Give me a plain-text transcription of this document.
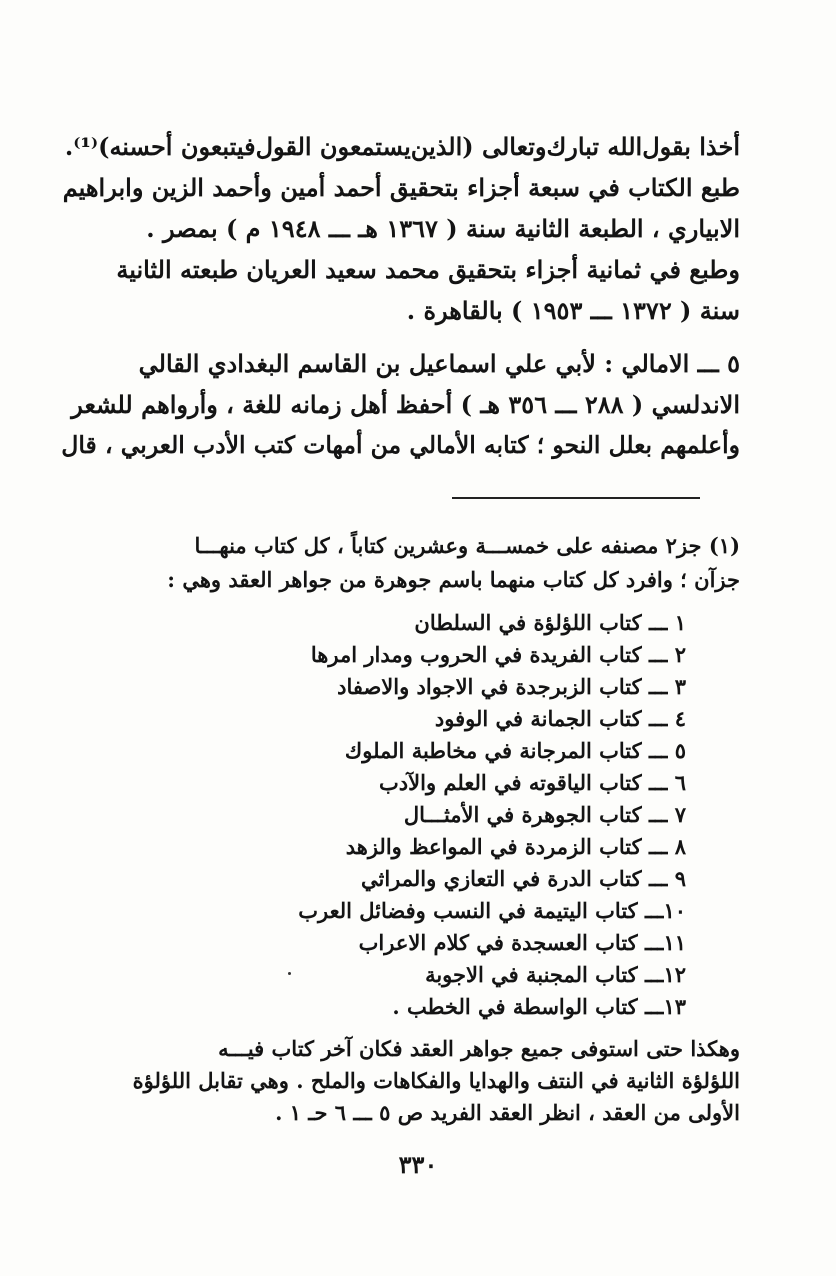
أخذا بقول‌الله تبارك‌وتعالى (الذين‌يستمعون القول‌فيتبعون أحسنه)⁽¹⁾.
طبع الكتاب في سبعة أجزاء بتحقيق أحمد أمين وأحمد الزين وابراهيم
الابياري ، الطبعة الثانية سنة ( ١٣٦٧ هـ ـــ ١٩٤٨ م ) بمصر .
وطبع في ثمانية أجزاء بتحقيق محمد سعيد العريان طبعته الثانية
سنة ( ١٣٧٢ ـــ ١٩٥٣ ) بالقاهرة .
٥ ـــ الامالي : لأبي علي اسماعيل بن القاسم البغدادي القالي
الاندلسي ( ٢٨٨ ـــ ٣٥٦ هـ ) أحفظ أهل زمانه للغة ، وأرواهم للشعر
وأعلمهم بعلل النحو ؛ كتابه الأمالي من أمهات كتب الأدب العربي ، قال
(١) جز٢ مصنفه على خمســـة وعشرين كتاباً ، كل كتاب منهـــا
جزآن ؛ وافرد كل كتاب منهما باسم جوهرة من جواهر العقد وهي :
١ ـــ كتاب اللؤلؤة في السلطان
٢ ـــ كتاب الفريدة في الحروب ومدار امرها
٣ ـــ كتاب الزبرجدة في الاجواد والاصفاد
٤ ـــ كتاب الجمانة في الوفود
٥ ـــ كتاب المرجانة في مخاطبة الملوك
٦ ـــ كتاب الياقوته في العلم والآدب
٧ ـــ كتاب الجوهرة في الأمثـــال
٨ ـــ كتاب الزمردة في المواعظ والزهد
٩ ـــ كتاب الدرة في التعازي والمراثي
١٠ـــ كتاب اليتيمة في النسب وفضائل العرب
١١ـــ كتاب العسجدة في كلام الاعراب
١٢ـــ كتاب المجنبة في الاجوبة
١٣ـــ كتاب الواسطة في الخطب .
وهكذا حتى استوفى جميع جواهر العقد فكان آخر كتاب فيـــه
اللؤلؤة الثانية في النتف والهدايا والفكاهات والملح . وهي تقابل اللؤلؤة
الأولى من العقد ، انظر العقد الفريد ص ٥ ـــ ٦ حـ ١ .
٣٣٠
